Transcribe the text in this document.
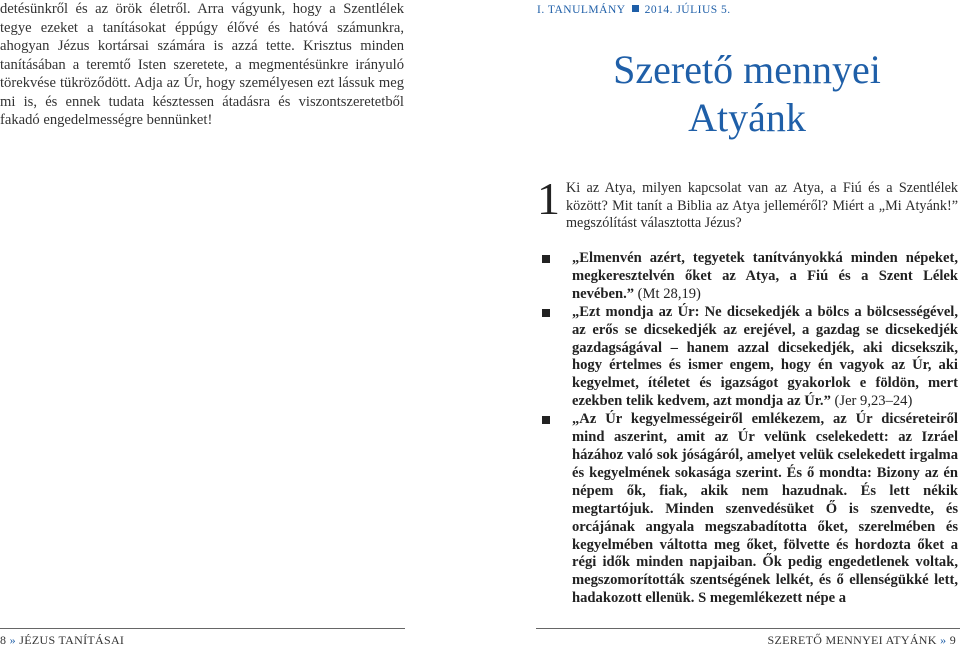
detésünkről és az örök életről. Arra vágyunk, hogy a Szentlélek tegye ezeket a tanításokat éppúgy élővé és hatóvá számunkra, ahogyan Jézus kortársai számára is azzá tette. Krisztus minden tanításában a teremtő Isten szeretete, a megmentésünkre irányuló törekvése tükröződött. Adja az Úr, hogy személyesen ezt lássuk meg mi is, és ennek tudata késztessen átadásra és viszontszeretetből fakadó engedelmességre bennünket!

I. TANULMÁNY 2014. JÚLIUS 5.
Szerető mennyei
Atyánk
1 Ki az Atya, milyen kapcsolat van az Atya, a Fiú és a Szentlélek között? Mit tanít a Biblia az Atya jelleméről? Miért a „Mi Atyánk!” megszólítást választotta Jézus?
„Elmenvén azért, tegyetek tanítványokká minden népeket, megkeresztelvén őket az Atya, a Fiú és a Szent Lélek nevében.” (Mt 28,19)
„Ezt mondja az Úr: Ne dicsekedjék a bölcs a bölcsességével, az erős se dicsekedjék az erejével, a gazdag se dicsekedjék gazdagságával – hanem azzal dicsekedjék, aki dicsekszik, hogy értelmes és ismer engem, hogy én vagyok az Úr, aki kegyelmet, ítéletet és igazságot gyakorlok e földön, mert ezekben telik kedvem, azt mondja az Úr.” (Jer 9,23–24)
„Az Úr kegyelmességeiről emlékezem, az Úr dicséreteiről mind aszerint, amit az Úr velünk cselekedett: az Izráel házához való sok jóságáról, amelyet velük cselekedett irgalma és kegyelmének sokasága szerint. És ő mondta: Bizony az én népem ők, fiak, akik nem hazudnak. És lett nékik megtartójuk. Minden szenvedésüket Ő is szenvedte, és orcájának angyala megszabadította őket, szerelmében és kegyelmében váltotta meg őket, fölvette és hordozta őket a régi idők minden napjaiban. Ők pedig engedetlenek voltak, megszomorították szentségének lelkét, és ő ellenségükké lett, hadakozott ellenük. S megemlékezett népe a
8 » JÉZUS TANÍTÁSAI	SZERETŐ MENNYEI ATYÁNK » 9
